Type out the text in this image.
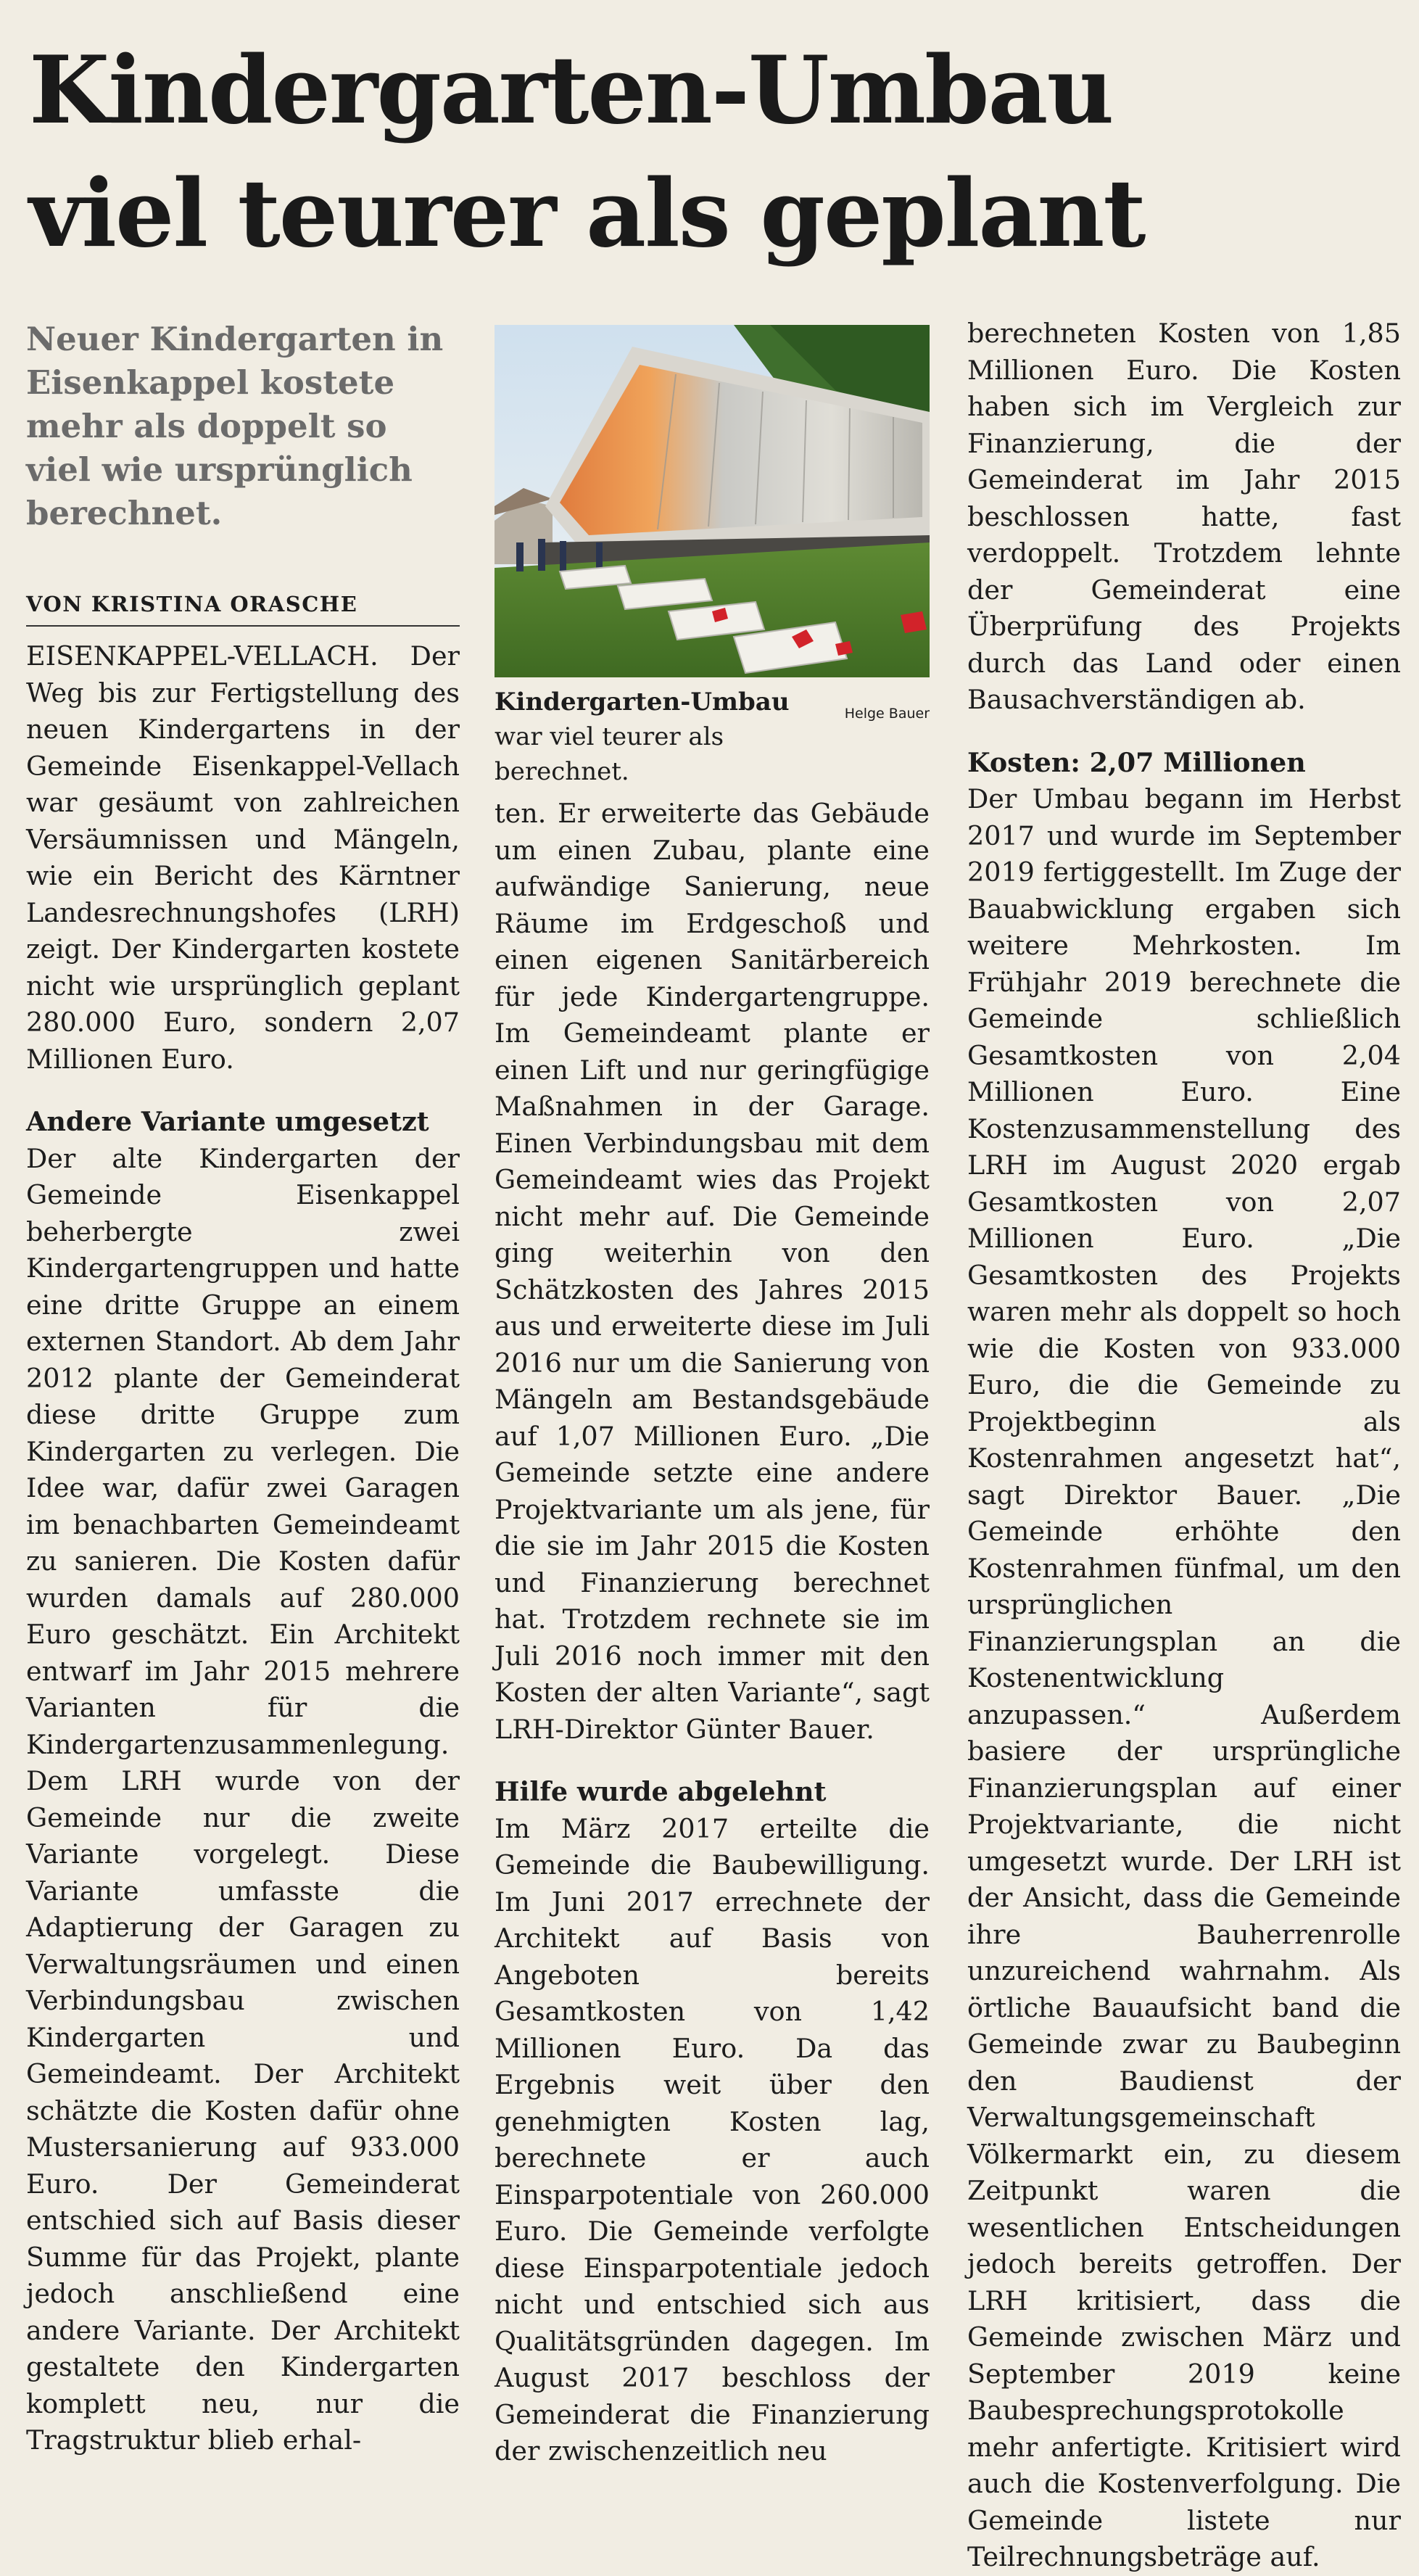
Kindergarten-Umbau
viel teurer als geplant
Neuer Kindergarten in Eisenkappel kostete mehr als doppelt so viel wie ursprünglich berechnet.
VON KRISTINA ORASCHE

EISENKAPPEL-VELLACH. Der Weg bis zur Fertigstellung des neuen Kindergartens in der Gemeinde Eisenkappel-Vellach war gesäumt von zahlreichen Versäumnissen und Mängeln, wie ein Bericht des Kärntner Landesrechnungshofes (LRH) zeigt. Der Kindergarten kostete nicht wie ursprünglich geplant 280.000 Euro, sondern 2,07 Millionen Euro.

Andere Variante umgesetzt

Der alte Kindergarten der Gemeinde Eisenkappel beherbergte zwei Kindergartengruppen und hatte eine dritte Gruppe an einem externen Standort. Ab dem Jahr 2012 plante der Gemeinderat diese dritte Gruppe zum Kindergarten zu verlegen. Die Idee war, dafür zwei Garagen im benachbarten Gemeindeamt zu sanieren. Die Kosten dafür wurden damals auf 280.000 Euro geschätzt. Ein Architekt entwarf im Jahr 2015 mehrere Varianten für die Kindergartenzusammenlegung. Dem LRH wurde von der Gemeinde nur die zweite Variante vorgelegt. Diese Variante umfasste die Adaptierung der Garagen zu Verwaltungsräumen und einen Verbindungsbau zwischen Kindergarten und Gemeindeamt. Der Architekt schätzte die Kosten dafür ohne Mustersanierung auf 933.000 Euro. Der Gemeinderat entschied sich auf Basis dieser Summe für das Projekt, plante jedoch anschließend eine andere Variante. Der Architekt gestaltete den Kindergarten komplett neu, nur die Tragstruktur blieb erhal-

Helge Bauer
Kindergarten-Umbau war viel teurer als berechnet.

ten. Er erweiterte das Gebäude um einen Zubau, plante eine aufwändige Sanierung, neue Räume im Erdgeschoß und einen eigenen Sanitärbereich für jede Kindergartengruppe. Im Gemeindeamt plante er einen Lift und nur geringfügige Maßnahmen in der Garage. Einen Verbindungsbau mit dem Gemeindeamt wies das Projekt nicht mehr auf. Die Gemeinde ging weiterhin von den Schätzkosten des Jahres 2015 aus und erweiterte diese im Juli 2016 nur um die Sanierung von Mängeln am Bestandsgebäude auf 1,07 Millionen Euro. „Die Gemeinde setzte eine andere Projektvariante um als jene, für die sie im Jahr 2015 die Kosten und Finanzierung berechnet hat. Trotzdem rechnete sie im Juli 2016 noch immer mit den Kosten der alten Variante“, sagt LRH-Direktor Günter Bauer.

Hilfe wurde abgelehnt

Im März 2017 erteilte die Gemeinde die Baubewilligung. Im Juni 2017 errechnete der Architekt auf Basis von Angeboten bereits Gesamtkosten von 1,42 Millionen Euro. Da das Ergebnis weit über den genehmigten Kosten lag, berechnete er auch Einsparpotentiale von 260.000 Euro. Die Gemeinde verfolgte diese Einsparpotentiale jedoch nicht und entschied sich aus Qualitätsgründen dagegen. Im August 2017 beschloss der Gemeinderat die Finanzierung der zwischenzeitlich neu

berechneten Kosten von 1,85 Millionen Euro. Die Kosten haben sich im Vergleich zur Finanzierung, die der Gemeinderat im Jahr 2015 beschlossen hatte, fast verdoppelt. Trotzdem lehnte der Gemeinderat eine Überprüfung des Projekts durch das Land oder einen Bausachverständigen ab.

Kosten: 2,07 Millionen

Der Umbau begann im Herbst 2017 und wurde im September 2019 fertiggestellt. Im Zuge der Bauabwicklung ergaben sich weitere Mehrkosten. Im Frühjahr 2019 berechnete die Gemeinde schließlich Gesamtkosten von 2,04 Millionen Euro. Eine Kostenzusammenstellung des LRH im August 2020 ergab Gesamtkosten von 2,07 Millionen Euro. „Die Gesamtkosten des Projekts waren mehr als doppelt so hoch wie die Kosten von 933.000 Euro, die die Gemeinde zu Projektbeginn als Kostenrahmen angesetzt hat“, sagt Direktor Bauer. „Die Gemeinde erhöhte den Kostenrahmen fünfmal, um den ursprünglichen Finanzierungsplan an die Kostenentwicklung anzupassen.“ Außerdem basiere der ursprüngliche Finanzierungsplan auf einer Projektvariante, die nicht umgesetzt wurde. Der LRH ist der Ansicht, dass die Gemeinde ihre Bauherrenrolle unzureichend wahrnahm. Als örtliche Bauaufsicht band die Gemeinde zwar zu Baubeginn den Baudienst der Verwaltungsgemeinschaft Völkermarkt ein, zu diesem Zeitpunkt waren die wesentlichen Entscheidungen jedoch bereits getroffen. Der LRH kritisiert, dass die Gemeinde zwischen März und September 2019 keine Baubesprechungsprotokolle mehr anfertigte. Kritisiert wird auch die Kostenverfolgung. Die Gemeinde listete nur Teilrechnungsbeträge auf.
